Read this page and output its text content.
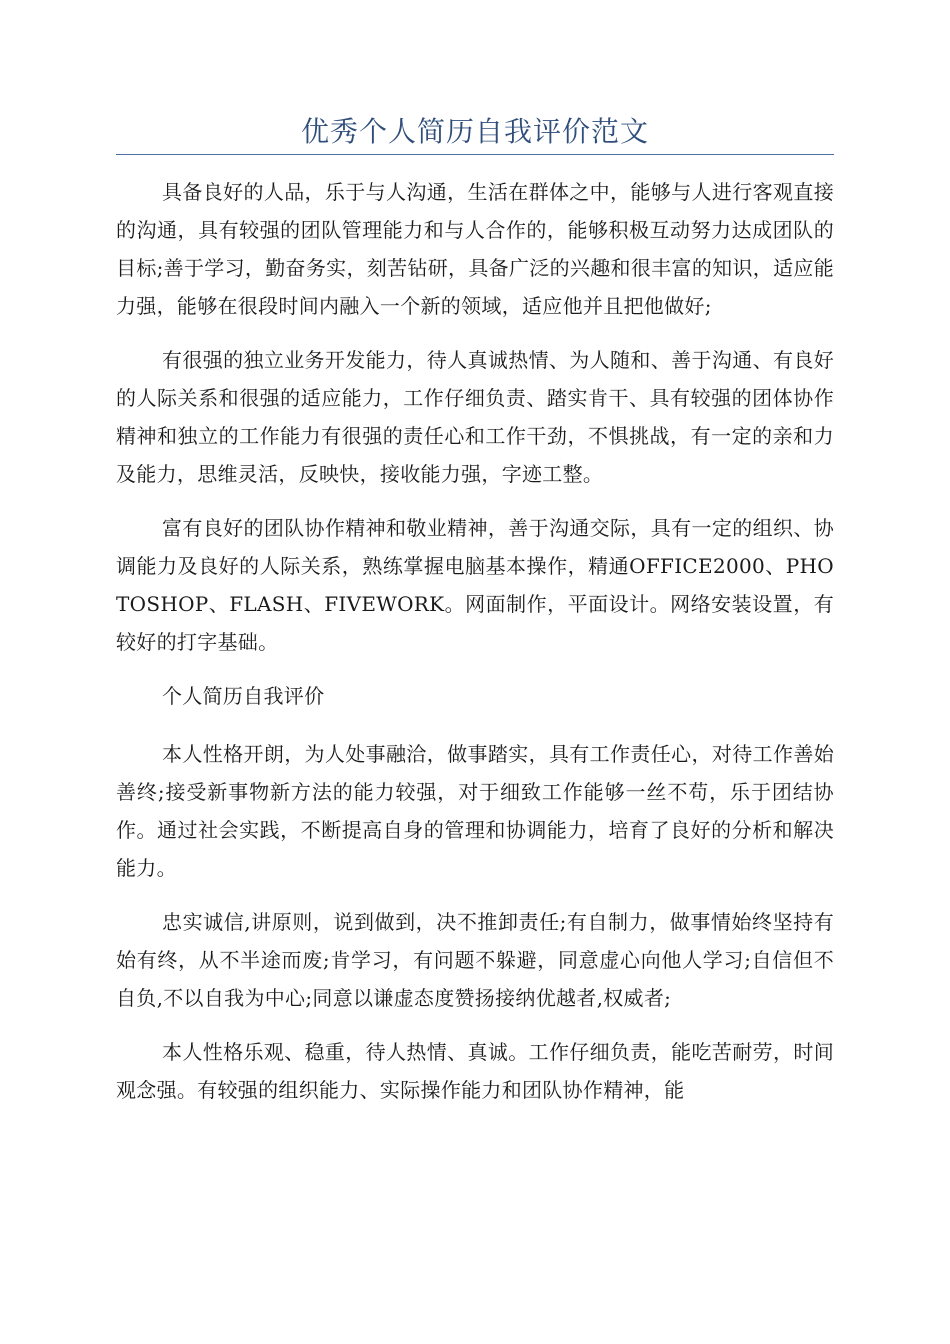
优秀个人简历自我评价范文

具备良好的人品，乐于与人沟通，生活在群体之中，能够与人进行客观直接的沟通，具有较强的团队管理能力和与人合作的，能够积极互动努力达成团队的目标;善于学习，勤奋务实，刻苦钻研，具备广泛的兴趣和很丰富的知识，适应能力强，能够在很段时间内融入一个新的领域，适应他并且把他做好;

有很强的独立业务开发能力，待人真诚热情、为人随和、善于沟通、有良好的人际关系和很强的适应能力，工作仔细负责、踏实肯干、具有较强的团体协作精神和独立的工作能力有很强的责任心和工作干劲，不惧挑战，有一定的亲和力及能力，思维灵活，反映快，接收能力强，字迹工整。

富有良好的团队协作精神和敬业精神，善于沟通交际，具有一定的组织、协调能力及良好的人际关系，熟练掌握电脑基本操作，精通OFFICE2000、PHOTOSHOP、FLASH、FIVEWORK。网面制作，平面设计。网络安装设置，有较好的打字基础。

个人简历自我评价

本人性格开朗，为人处事融洽，做事踏实，具有工作责任心，对待工作善始善终;接受新事物新方法的能力较强，对于细致工作能够一丝不苟，乐于团结协作。通过社会实践，不断提高自身的管理和协调能力，培育了良好的分析和解决能力。

忠实诚信,讲原则，说到做到，决不推卸责任;有自制力，做事情始终坚持有始有终，从不半途而废;肯学习，有问题不躲避，同意虚心向他人学习;自信但不自负,不以自我为中心;同意以谦虚态度赞扬接纳优越者,权威者;

本人性格乐观、稳重，待人热情、真诚。工作仔细负责，能吃苦耐劳，时间观念强。有较强的组织能力、实际操作能力和团队协作精神，能
